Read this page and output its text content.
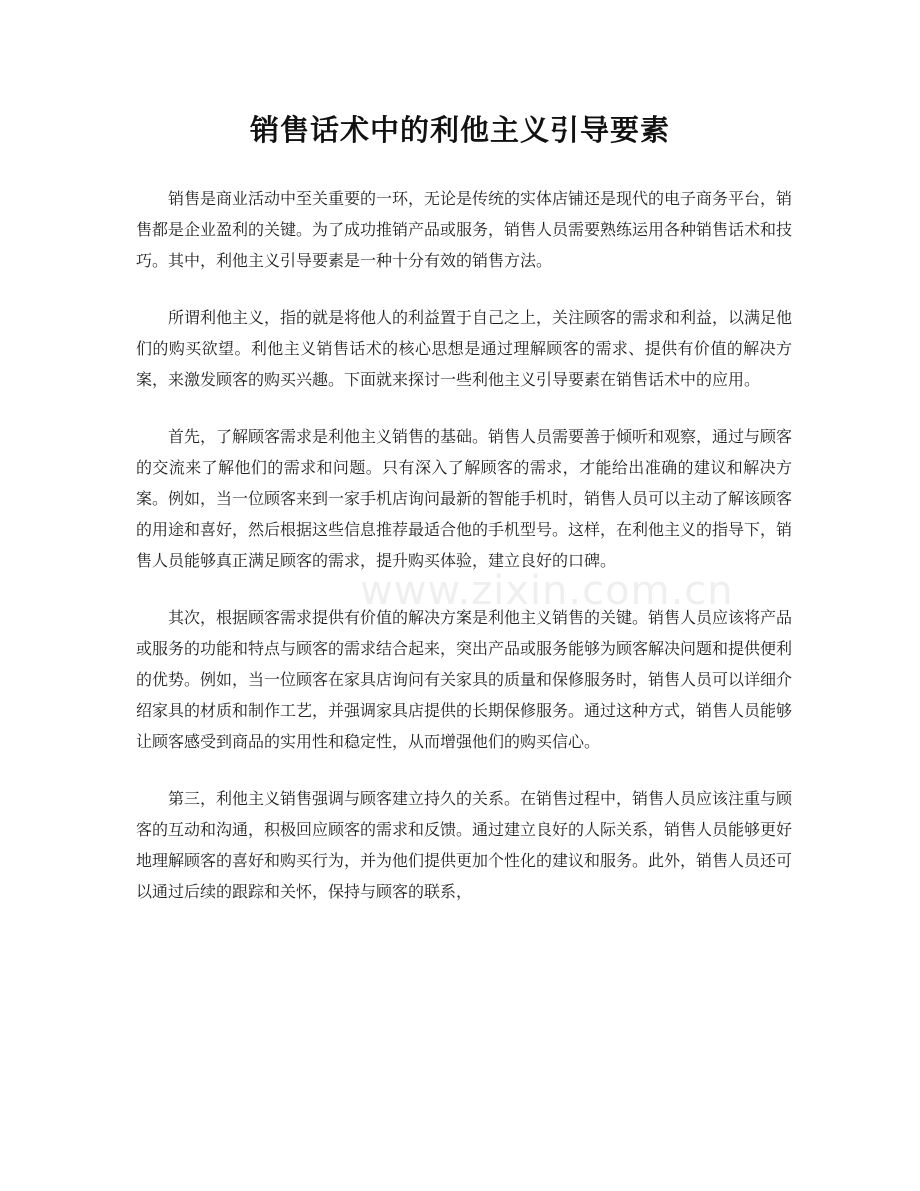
销售话术中的利他主义引导要素

销售是商业活动中至关重要的一环，无论是传统的实体店铺还是现代的电子商务平台，销售都是企业盈利的关键。为了成功推销产品或服务，销售人员需要熟练运用各种销售话术和技巧。其中，利他主义引导要素是一种十分有效的销售方法。

所谓利他主义，指的就是将他人的利益置于自己之上，关注顾客的需求和利益，以满足他们的购买欲望。利他主义销售话术的核心思想是通过理解顾客的需求、提供有价值的解决方案，来激发顾客的购买兴趣。下面就来探讨一些利他主义引导要素在销售话术中的应用。

首先，了解顾客需求是利他主义销售的基础。销售人员需要善于倾听和观察，通过与顾客的交流来了解他们的需求和问题。只有深入了解顾客的需求，才能给出准确的建议和解决方案。例如，当一位顾客来到一家手机店询问最新的智能手机时，销售人员可以主动了解该顾客的用途和喜好，然后根据这些信息推荐最适合他的手机型号。这样，在利他主义的指导下，销售人员能够真正满足顾客的需求，提升购买体验，建立良好的口碑。

其次，根据顾客需求提供有价值的解决方案是利他主义销售的关键。销售人员应该将产品或服务的功能和特点与顾客的需求结合起来，突出产品或服务能够为顾客解决问题和提供便利的优势。例如，当一位顾客在家具店询问有关家具的质量和保修服务时，销售人员可以详细介绍家具的材质和制作工艺，并强调家具店提供的长期保修服务。通过这种方式，销售人员能够让顾客感受到商品的实用性和稳定性，从而增强他们的购买信心。

第三，利他主义销售强调与顾客建立持久的关系。在销售过程中，销售人员应该注重与顾客的互动和沟通，积极回应顾客的需求和反馈。通过建立良好的人际关系，销售人员能够更好地理解顾客的喜好和购买行为，并为他们提供更加个性化的建议和服务。此外，销售人员还可以通过后续的跟踪和关怀，保持与顾客的联系，

www.zixin.com.cn
